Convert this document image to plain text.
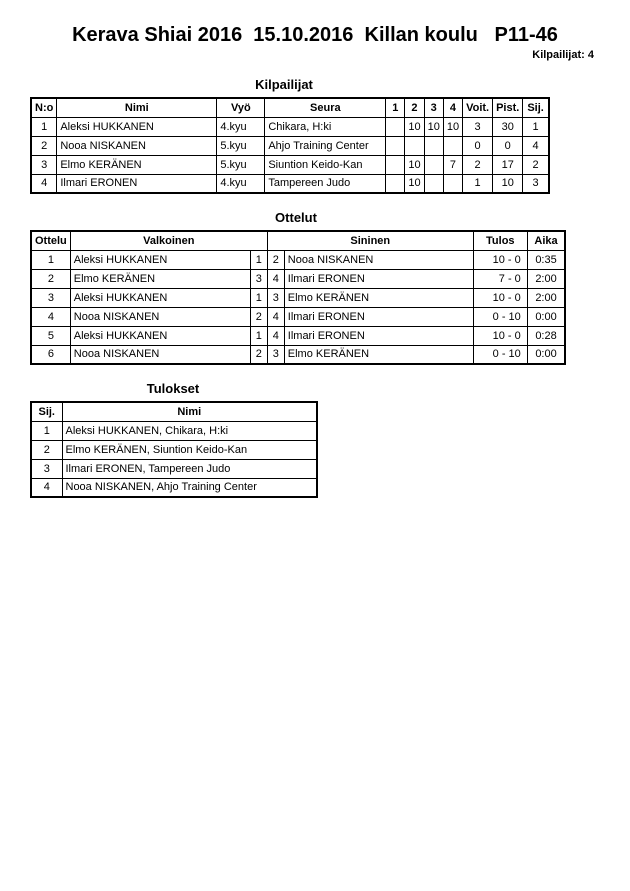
Kerava Shiai 2016  15.10.2016  Killan koulu   P11-46
Kilpailijat: 4
Kilpailijat
N:o	Nimi	Vyö	Seura	1	2	3	4	Voit.	Pist.	Sij.
1	Aleksi HUKKANEN	4.kyu	Chikara, H:ki		10	10	10	3	30	1
2	Nooa NISKANEN	5.kyu	Ahjo Training Center					0	0	4
3	Elmo KERÄNEN	5.kyu	Siuntion Keido-Kan		10		7	2	17	2
4	Ilmari ERONEN	4.kyu	Tampereen Judo		10			1	10	3
Ottelut
Ottelu	Valkoinen		Sininen		Tulos	Aika
1	Aleksi HUKKANEN	1	2	Nooa NISKANEN	10 - 0	0:35
2	Elmo KERÄNEN	3	4	Ilmari ERONEN	7 - 0	2:00
3	Aleksi HUKKANEN	1	3	Elmo KERÄNEN	10 - 0	2:00
4	Nooa NISKANEN	2	4	Ilmari ERONEN	0 - 10	0:00
5	Aleksi HUKKANEN	1	4	Ilmari ERONEN	10 - 0	0:28
6	Nooa NISKANEN	2	3	Elmo KERÄNEN	0 - 10	0:00
Tulokset
Sij.	Nimi
1	Aleksi HUKKANEN, Chikara, H:ki
2	Elmo KERÄNEN, Siuntion Keido-Kan
3	Ilmari ERONEN, Tampereen Judo
4	Nooa NISKANEN, Ahjo Training Center
